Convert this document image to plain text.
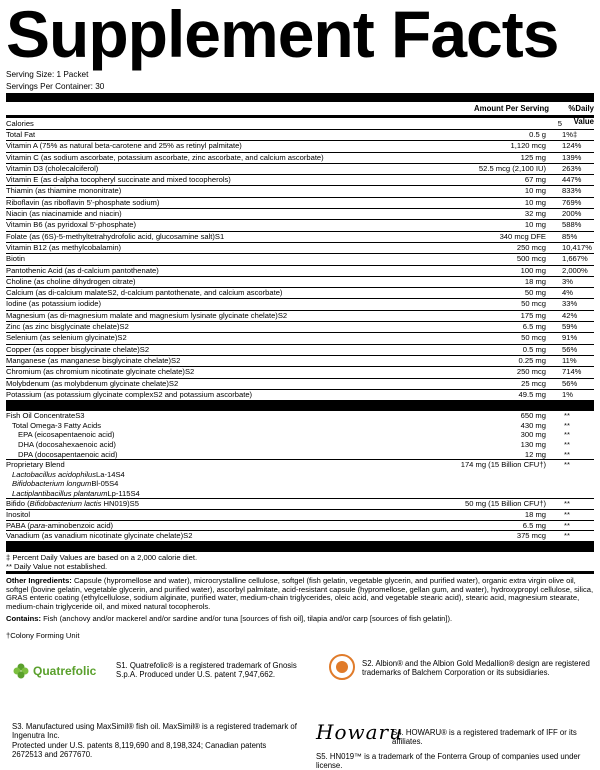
Supplement Facts
Serving Size: 1 Packet
Servings Per Container: 30
Amount Per Serving	%Daily Value
Calories	5
Total Fat	0.5 g	1%‡
Vitamin A (75% as natural beta-carotene and 25% as retinyl palmitate)	1,120 mcg	124%
Vitamin C (as sodium ascorbate, potassium ascorbate, zinc ascorbate, and calcium ascorbate)	125 mg	139%
Vitamin D3 (cholecalciferol)	52.5 mcg (2,100 IU)	263%
Vitamin E (as d-alpha tocopheryl succinate and mixed tocopherols)	67 mg	447%
Thiamin (as thiamine mononitrate)	10 mg	833%
Riboflavin (as riboflavin 5'-phosphate sodium)	10 mg	769%
Niacin (as niacinamide and niacin)	32 mg	200%
Vitamin B6 (as pyridoxal 5'-phosphate)	10 mg	588%
Folate (as (6S)-5-methyltetrahydrofolic acid, glucosamine salt)S1	340 mcg DFE	85%
Vitamin B12 (as methylcobalamin)	250 mcg	10,417%
Biotin	500 mcg	1,667%
Pantothenic Acid (as d-calcium pantothenate)	100 mg	2,000%
Choline (as choline dihydrogen citrate)	18 mg	3%
Calcium (as di-calcium malateS2, d-calcium pantothenate, and calcium ascorbate)	50 mg	4%
Iodine (as potassium iodide)	50 mcg	33%
Magnesium (as di-magnesium malate and magnesium lysinate glycinate chelate)S2	175 mg	42%
Zinc (as zinc bisglycinate chelate)S2	6.5 mg	59%
Selenium (as selenium glycinate)S2	50 mcg	91%
Copper (as copper bisglycinate chelate)S2	0.5 mg	56%
Manganese (as manganese bisglycinate chelate)S2	0.25 mg	11%
Chromium (as chromium nicotinate glycinate chelate)S2	250 mcg	714%
Molybdenum (as molybdenum glycinate chelate)S2	25 mcg	56%
Potassium (as potassium glycinate complexS2 and potassium ascorbate)	49.5 mg	1%
Fish Oil ConcentrateS3	650 mg	**
Total Omega-3 Fatty Acids	430 mg	**
EPA (eicosapentaenoic acid)	300 mg	**
DHA (docosahexaenoic acid)	130 mg	**
DPA (docosapentaenoic acid)	12 mg	**
Proprietary Blend	174 mg (15 Billion CFU†)	**
Lactobacillus acidophilus La-14S4
Bifidobacterium longum Bl-05S4
Lactiplantibacillus plantarum Lp-115S4
Bifido (Bifidobacterium lactis HN019)S5	50 mg (15 Billion CFU†)	**
Inositol	18 mg	**
PABA (para-aminobenzoic acid)	6.5 mg	**
Vanadium (as vanadium nicotinate glycinate chelate)S2	375 mcg	**
‡ Percent Daily Values are based on a 2,000 calorie diet.
** Daily Value not established.
Other Ingredients: Capsule (hypromellose and water), microcrystalline cellulose, softgel (fish gelatin, vegetable glycerin, and purified water), organic extra virgin olive oil, softgel (bovine gelatin, vegetable glycerin, and purified water), ascorbyl palmitate, acid-resistant capsule (hypromellose, gellan gum, and water), hydroxypropyl cellulose, silica, GRAS enteric coating (ethylcellulose, sodium alginate, purified water, medium-chain triglycerides, oleic acid, and vegetable stearic acid), stearic acid, magnesium stearate, medium-chain triglyceride oil, and mixed natural tocopherols.
Contains: Fish (anchovy and/or mackerel and/or sardine and/or tuna [sources of fish oil], tilapia and/or carp [sources of fish gelatin]).
†Colony Forming Unit
Quatrefolic	S1. Quatrefolic® is a registered trademark of Gnosis S.p.A. Produced under U.S. patent 7,947,662.
S2. Albion® and the Albion Gold Medallion® design are registered trademarks of Balchem Corporation or its subsidiaries.
S3. Manufactured using MaxSimil® fish oil. MaxSimil® is a registered trademark of Ingenutra Inc.
Protected under U.S. patents 8,119,690 and 8,198,324; Canadian patents 2672513 and 2677670.
Howaru
S4. HOWARU® is a registered trademark of IFF or its affiliates.
S5. HN019™ is a trademark of the Fonterra Group of companies used under license.
